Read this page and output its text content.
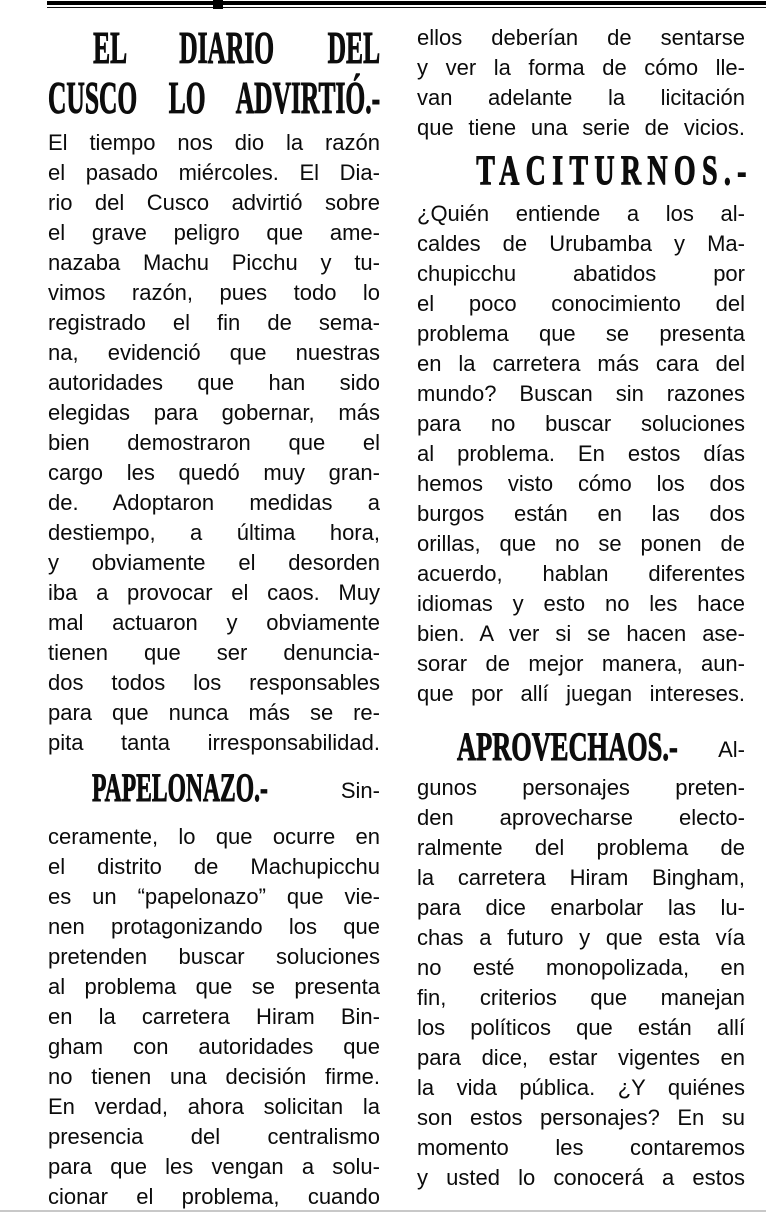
EL DIARIO DEL
CUSCO LO ADVIRTIÓ.-
El tiempo nos dio la razón
el pasado miércoles. El Dia-
rio del Cusco advirtió sobre
el grave peligro que ame-
nazaba Machu Picchu y tu-
vimos razón, pues todo lo
registrado el fin de sema-
na, evidenció que nuestras
autoridades que han sido
elegidas para gobernar, más
bien demostraron que el
cargo les quedó muy gran-
de. Adoptaron medidas a
destiempo, a última hora,
y obviamente el desorden
iba a provocar el caos. Muy
mal actuaron y obviamente
tienen que ser denuncia-
dos todos los responsables
para que nunca más se re-
pita tanta irresponsabilidad.
PAPELONAZO.-	Sin-
ceramente, lo que ocurre en
el distrito de Machupicchu
es un “papelonazo” que vie-
nen protagonizando los que
pretenden buscar soluciones
al problema que se presenta
en la carretera Hiram Bin-
gham con autoridades que
no tienen una decisión firme.
En verdad, ahora solicitan la
presencia del centralismo
para que les vengan a solu-
cionar el problema, cuando
ellos deberían de sentarse
y ver la forma de cómo lle-
van adelante la licitación
que tiene una serie de vicios.
TACITURNOS.-
¿Quién entiende a los al-
caldes de Urubamba y Ma-
chupicchu abatidos por
el poco conocimiento del
problema que se presenta
en la carretera más cara del
mundo? Buscan sin razones
para no buscar soluciones
al problema. En estos días
hemos visto cómo los dos
burgos están en las dos
orillas, que no se ponen de
acuerdo, hablan diferentes
idiomas y esto no les hace
bien. A ver si se hacen ase-
sorar de mejor manera, aun-
que por allí juegan intereses.
APROVECHAOS.- Al-
gunos personajes preten-
den aprovecharse electo-
ralmente del problema de
la carretera Hiram Bingham,
para dice enarbolar las lu-
chas a futuro y que esta vía
no esté monopolizada, en
fin, criterios que manejan
los políticos que están allí
para dice, estar vigentes en
la vida pública. ¿Y quiénes
son estos personajes? En su
momento les contaremos
y usted lo conocerá a estos
